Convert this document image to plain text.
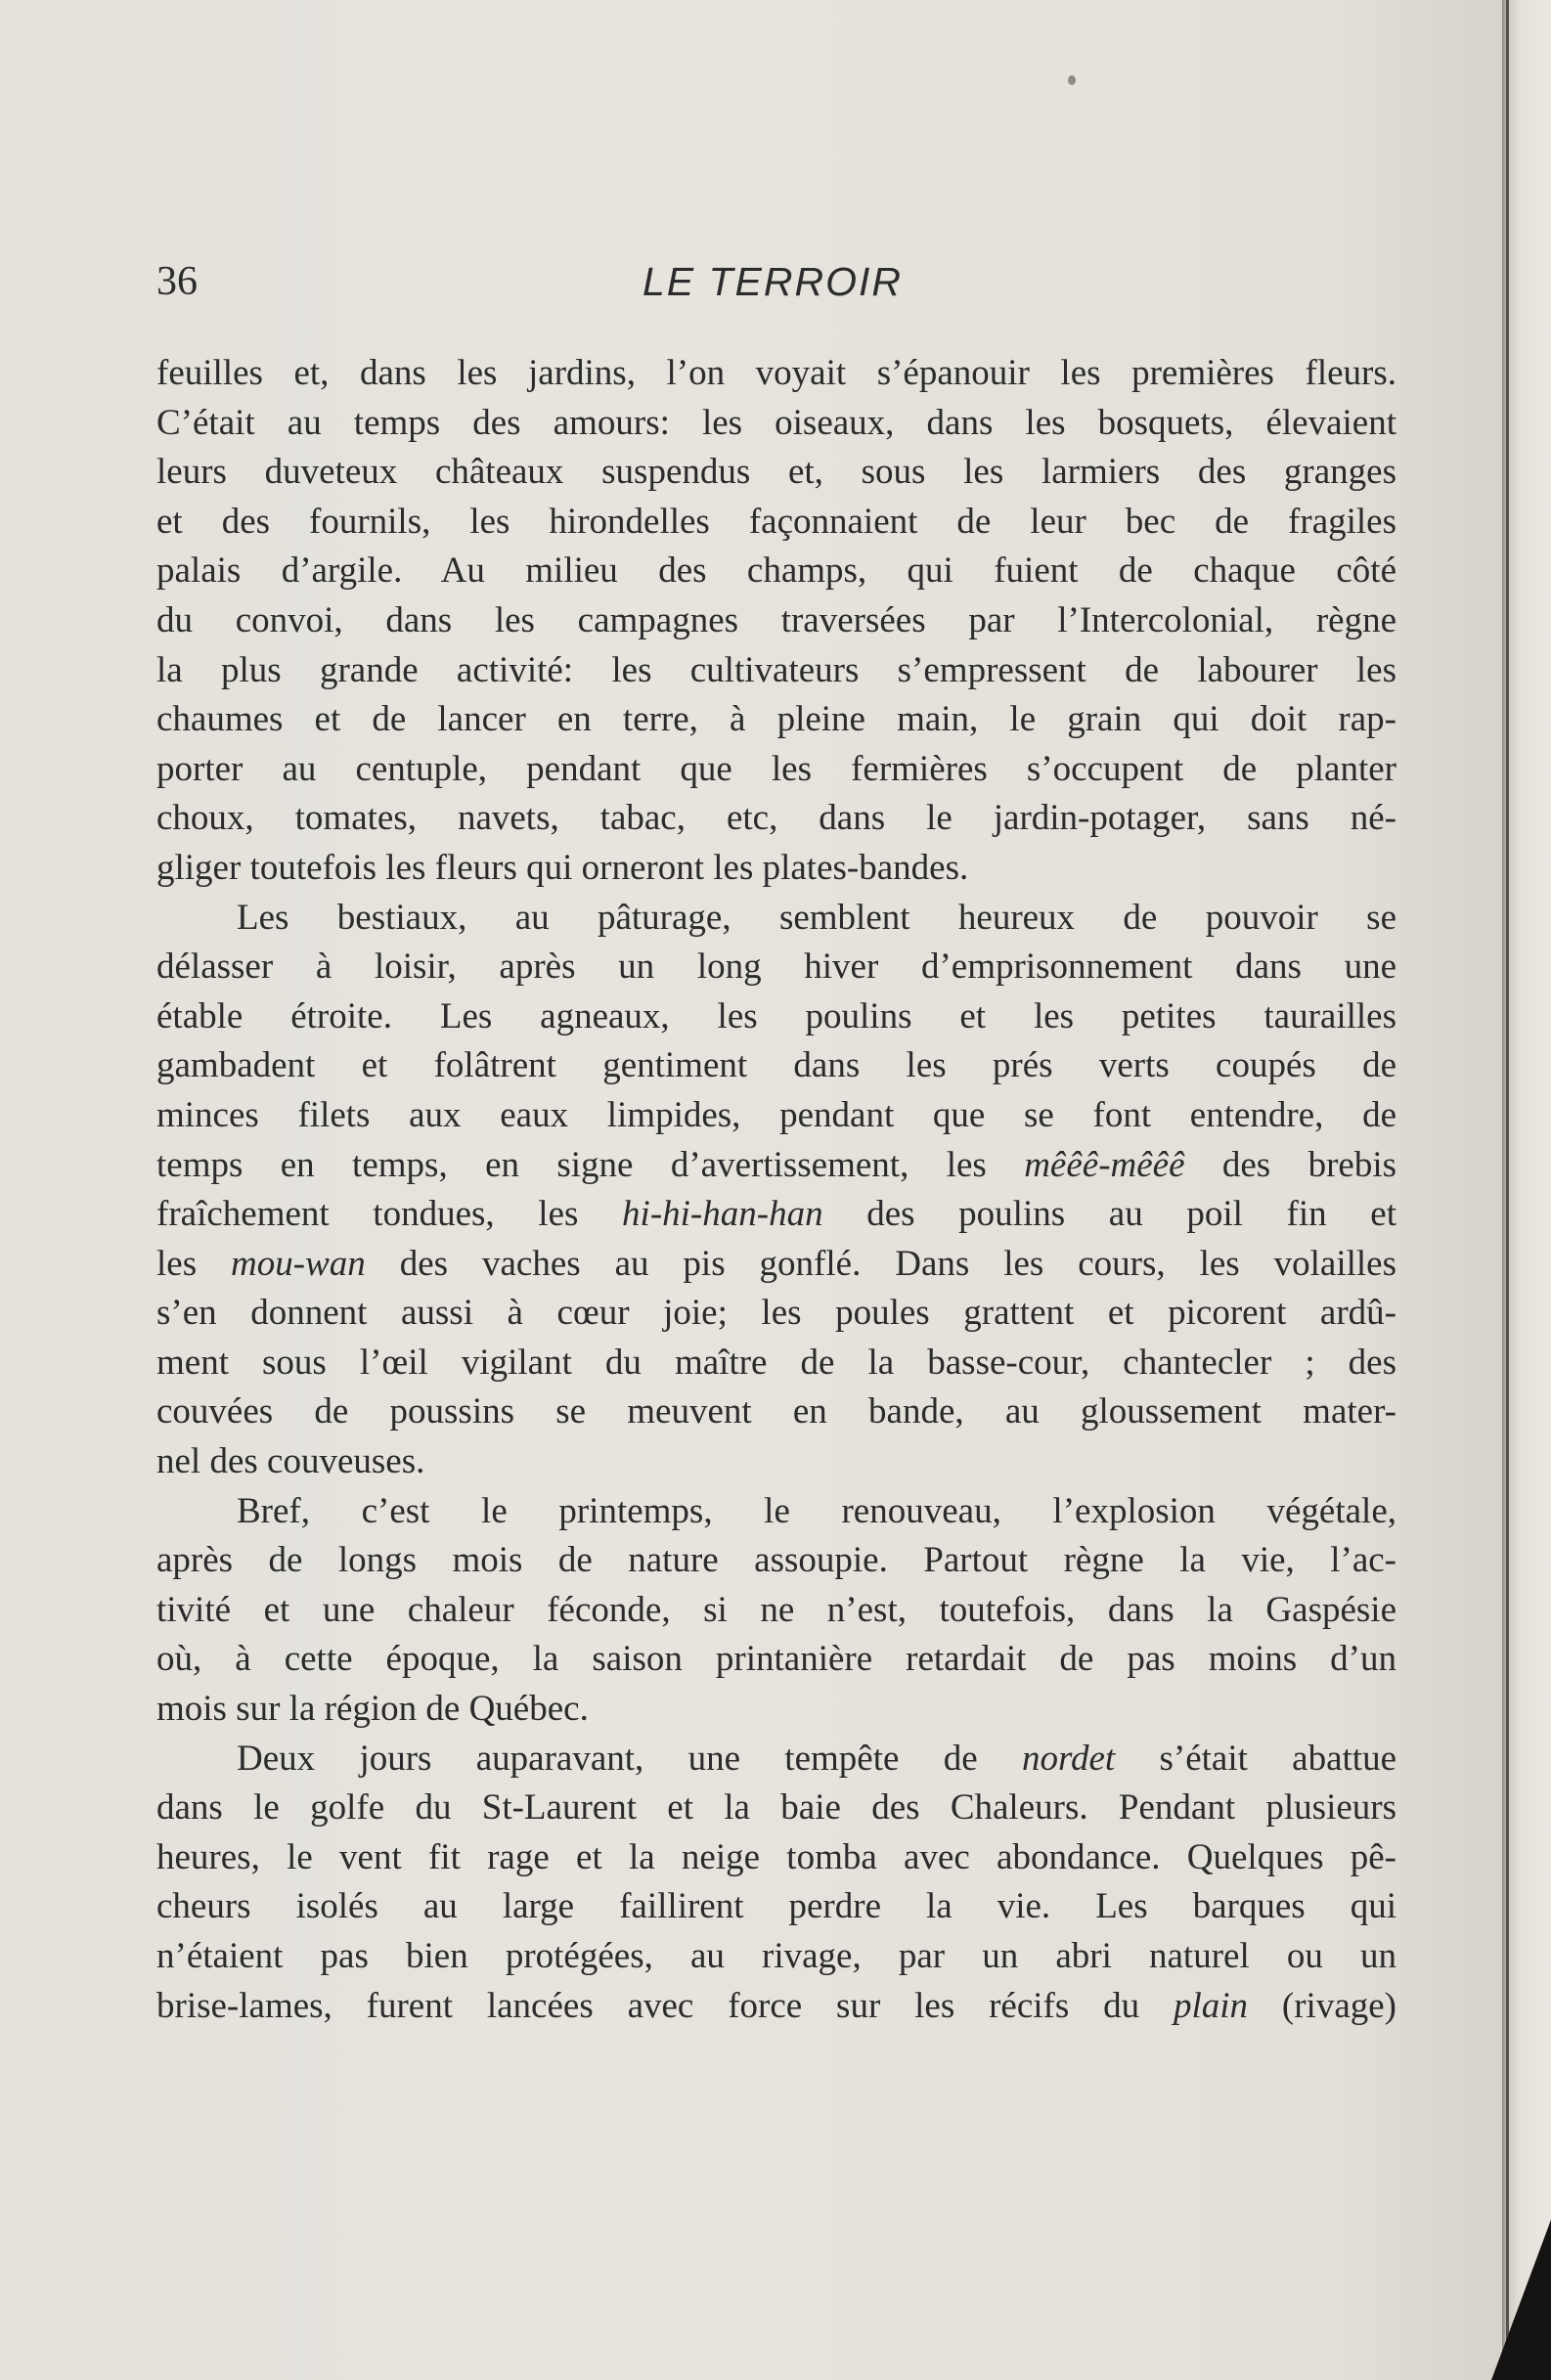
36	LE TERROIR
feuilles et, dans les jardins, l’on voyait s’épanouir les premières fleurs.
C’était au temps des amours: les oiseaux, dans les bosquets, élevaient
leurs duveteux châteaux suspendus et, sous les larmiers des granges
et des fournils, les hirondelles façonnaient de leur bec de fragiles
palais d’argile. Au milieu des champs, qui fuient de chaque côté
du convoi, dans les campagnes traversées par l’Intercolonial, règne
la plus grande activité: les cultivateurs s’empressent de labourer les
chaumes et de lancer en terre, à pleine main, le grain qui doit rap-
porter au centuple, pendant que les fermières s’occupent de planter
choux, tomates, navets, tabac, etc, dans le jardin-potager, sans né-
gliger toutefois les fleurs qui orneront les plates-bandes.
Les bestiaux, au pâturage, semblent heureux de pouvoir se
délasser à loisir, après un long hiver d’emprisonnement dans une
étable étroite. Les agneaux, les poulins et les petites taurailles
gambadent et folâtrent gentiment dans les prés verts coupés de
minces filets aux eaux limpides, pendant que se font entendre, de
temps en temps, en signe d’avertissement, les mêêê-mêêê des brebis
fraîchement tondues, les hi-hi-han-han des poulins au poil fin et
les mou-wan des vaches au pis gonflé. Dans les cours, les volailles
s’en donnent aussi à cœur joie; les poules grattent et picorent ardû-
ment sous l’œil vigilant du maître de la basse-cour, chantecler ; des
couvées de poussins se meuvent en bande, au gloussement mater-
nel des couveuses.
Bref, c’est le printemps, le renouveau, l’explosion végétale,
après de longs mois de nature assoupie. Partout règne la vie, l’ac-
tivité et une chaleur féconde, si ne n’est, toutefois, dans la Gaspésie
où, à cette époque, la saison printanière retardait de pas moins d’un
mois sur la région de Québec.
Deux jours auparavant, une tempête de nordet s’était abattue
dans le golfe du St-Laurent et la baie des Chaleurs. Pendant plusieurs
heures, le vent fit rage et la neige tomba avec abondance. Quelques pê-
cheurs isolés au large faillirent perdre la vie. Les barques qui
n’étaient pas bien protégées, au rivage, par un abri naturel ou un
brise-lames, furent lancées avec force sur les récifs du plain (rivage)
